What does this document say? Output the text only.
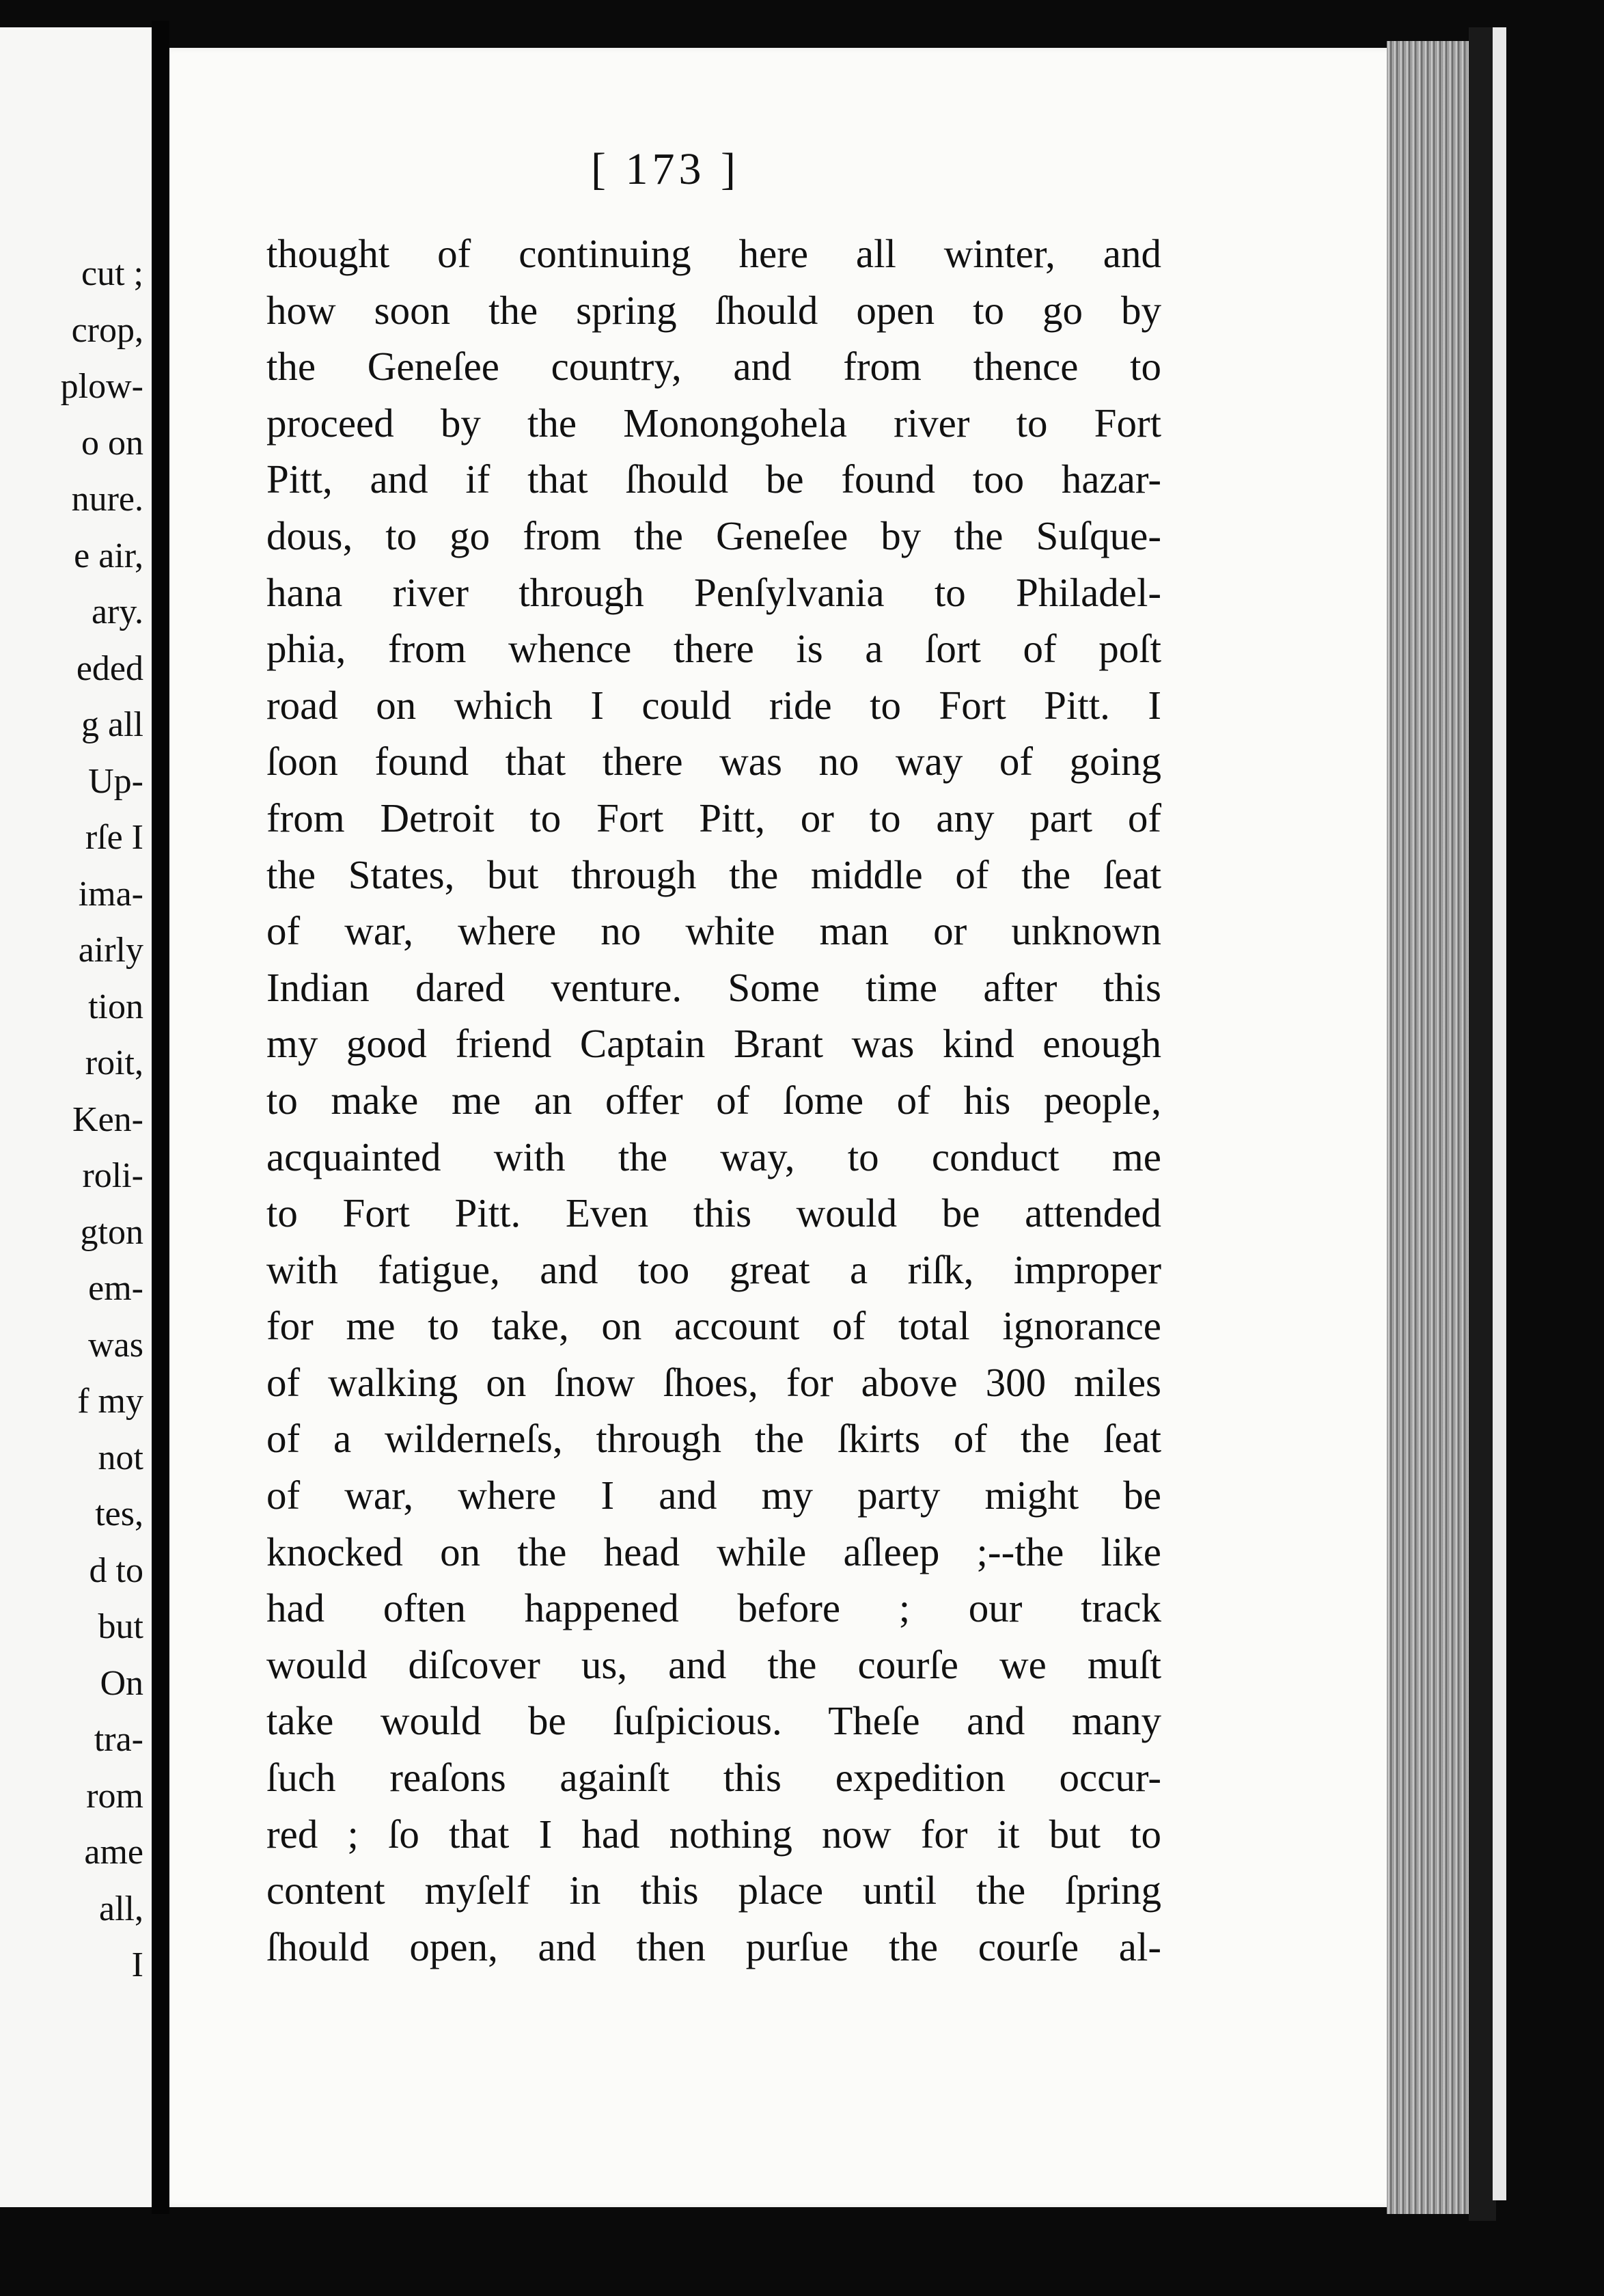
cut ;
crop,
plow-
o on
nure.
e air,
ary.
eded
g all
Up-
rſe I
ima-
airly
tion
roit,
Ken-
roli-
gton
em-
was
f my
not
tes,
d to
but
On
tra-
rom
ame
all,
I
[ 173 ]
thought of continuing here all winter, and
how soon the spring ſhould open to go by
the Geneſee country, and from thence to
proceed by the Monongohela river to Fort
Pitt, and if that ſhould be found too hazar-
dous, to go from the Geneſee by the Suſque-
hana river through Penſylvania to Philadel-
phia, from whence there is a ſort of poſt
road on which I could ride to Fort Pitt. I
ſoon found that there was no way of going
from Detroit to Fort Pitt, or to any part of
the States, but through the middle of the ſeat
of war, where no white man or unknown
Indian dared venture. Some time after this
my good friend Captain Brant was kind enough
to make me an offer of ſome of his people,
acquainted with the way, to conduct me
to Fort Pitt. Even this would be attended
with fatigue, and too great a riſk, improper
for me to take, on account of total ignorance
of walking on ſnow ſhoes, for above 300 miles
of a wilderneſs, through the ſkirts of the ſeat
of war, where I and my party might be
knocked on the head while aſleep ;--the like
had often happened before ; our track
would diſcover us, and the courſe we muſt
take would be ſuſpicious. Theſe and many
ſuch reaſons againſt this expedition occur-
red ; ſo that I had nothing now for it but to
content myſelf in this place until the ſpring
ſhould open, and then purſue the courſe al-
